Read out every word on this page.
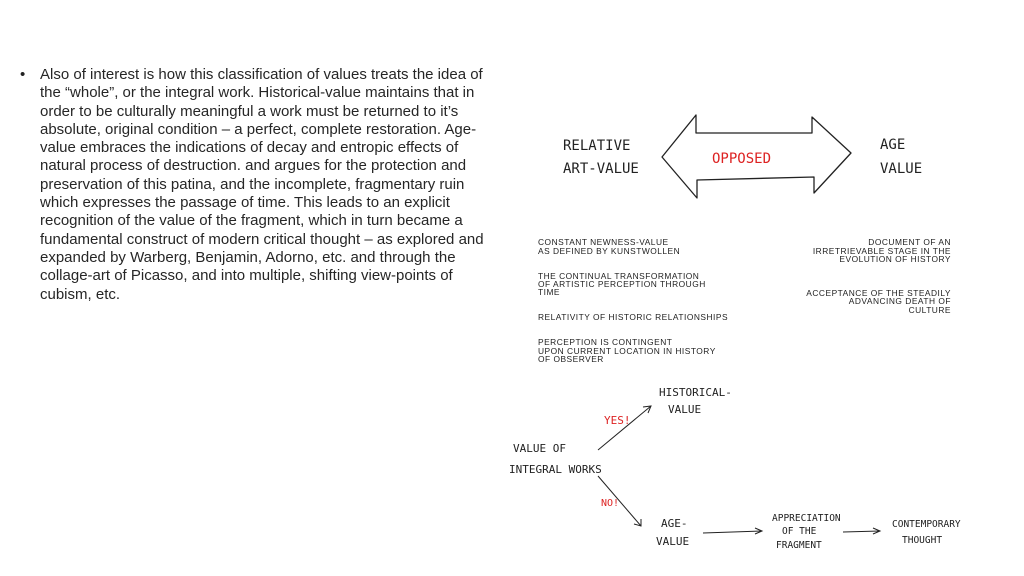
• Also of interest is how this classification of values treats the idea of the “whole”, or the integral work. Historical-value maintains that in order to be culturally meaningful a work must be returned to it’s absolute, original condition – a perfect, complete restoration. Age-value embraces the indications of decay and entropic effects of natural process of destruction. and argues for the protection and preservation of this patina, and the incomplete, fragmentary ruin which expresses the passage of time. This leads to an explicit recognition of the value of the fragment, which in turn became a fundamental construct of modern critical thought – as explored and expanded by Warberg, Benjamin, Adorno, etc. and through the collage-art of Picasso, and into multiple, shifting view-points of cubism, etc.
RELATIVE
ART-VALUE
AGE
VALUE
OPPOSED
CONSTANT NEWNESS-VALUE
AS DEFINED BY KUNSTWOLLEN
THE CONTINUAL TRANSFORMATION
OF ARTISTIC PERCEPTION THROUGH
TIME
RELATIVITY OF HISTORIC RELATIONSHIPS
PERCEPTION IS CONTINGENT
UPON CURRENT LOCATION IN HISTORY
OF OBSERVER
DOCUMENT OF AN
IRRETRIEVABLE STAGE IN THE
EVOLUTION OF HISTORY
ACCEPTANCE OF THE STEADILY
ADVANCING DEATH OF
CULTURE
VALUE OF
INTEGRAL WORKS
YES!
NO!
HISTORICAL-
VALUE
AGE-
VALUE
APPRECIATION
OF THE
FRAGMENT
CONTEMPORARY
THOUGHT
